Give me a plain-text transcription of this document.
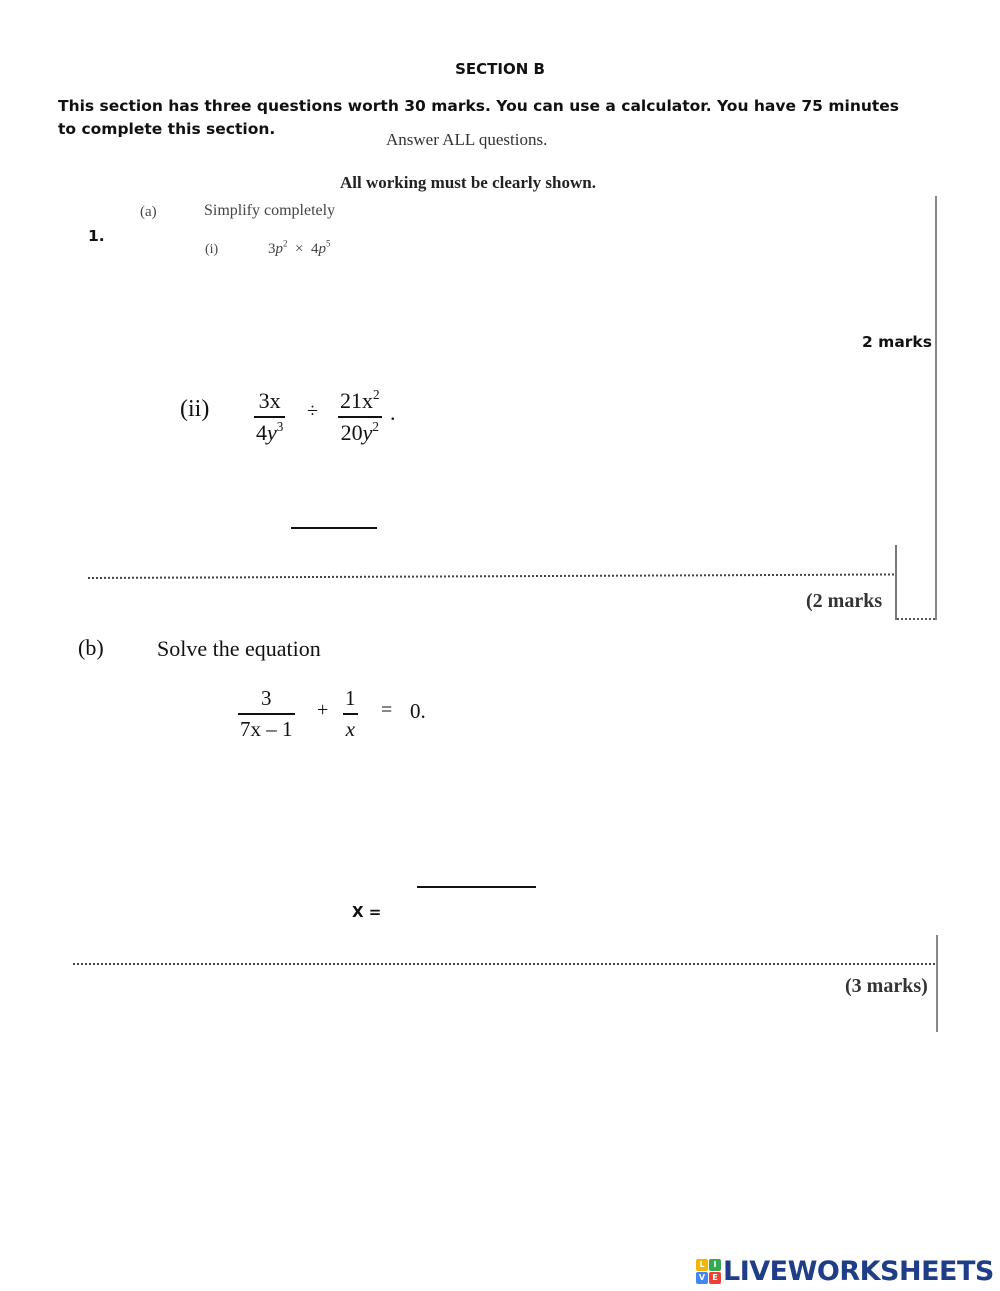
SECTION B
This section has three questions worth 30 marks. You can use a calculator. You have 75 minutes to complete this section.
Answer ALL questions.
All working must be clearly shown.
(a)	Simplify completely
1.
(i)	$3p^2 \times 4p^5$
2 marks
(ii) 3x
$4y^3$
÷ $21x^2$
$20y^2$
.
(2 marks
(b) Solve the equation
3
7x – 1
+ 1
x
= 0.
X =
(3 marks)
L	I
V E LIVEWORKSHEETS
